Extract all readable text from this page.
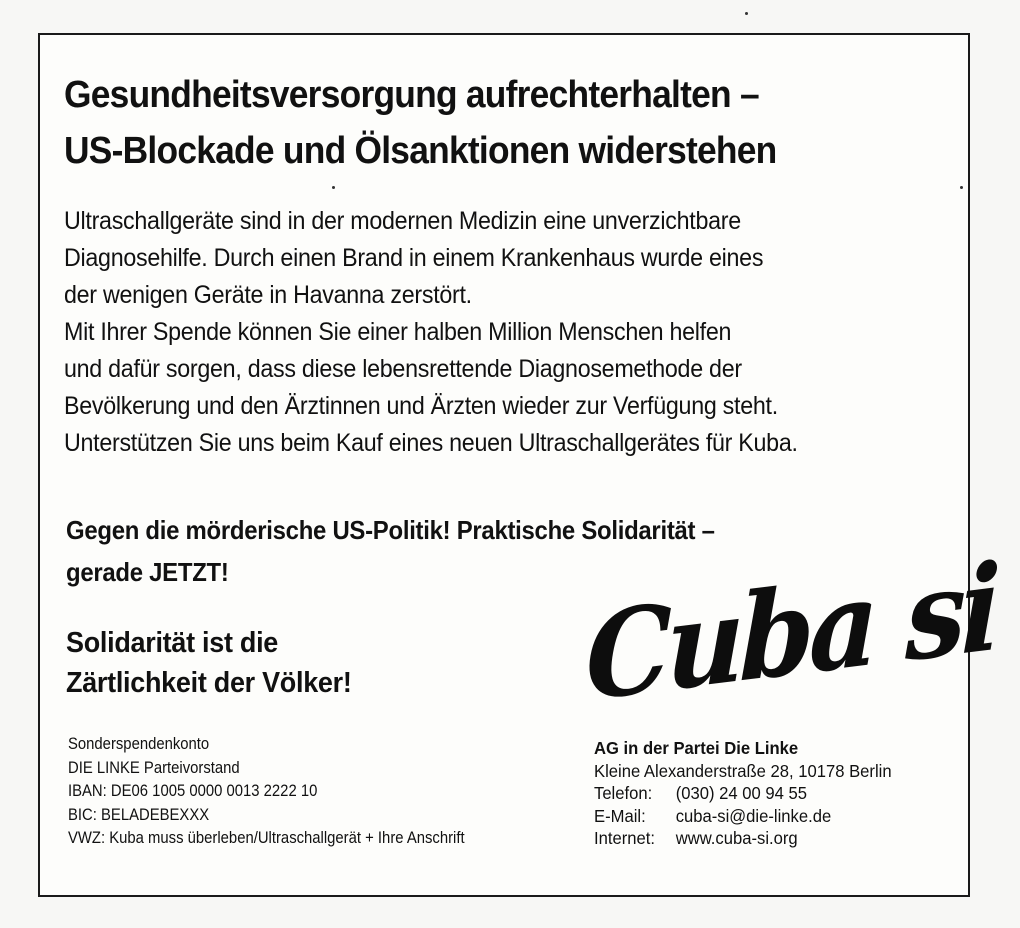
Gesundheitsversorgung aufrechterhalten –
US-Blockade und Ölsanktionen widerstehen
Ultraschallgeräte sind in der modernen Medizin eine unverzichtbare
Diagnosehilfe. Durch einen Brand in einem Krankenhaus wurde eines
der wenigen Geräte in Havanna zerstört.
Mit Ihrer Spende können Sie einer halben Million Menschen helfen
und dafür sorgen, dass diese lebensrettende Diagnosemethode der
Bevölkerung und den Ärztinnen und Ärzten wieder zur Verfügung steht.
Unterstützen Sie uns beim Kauf eines neuen Ultraschallgerätes für Kuba.
Gegen die mörderische US-Politik! Praktische Solidarität –
gerade JETZT!
Solidarität ist die
Zärtlichkeit der Völker!
Sonderspendenkonto
DIE LINKE Parteivorstand
IBAN: DE06 1005 0000 0013 2222 10
BIC: BELADEBEXXX
VWZ: Kuba muss überleben/Ultraschallgerät + Ihre Anschrift
Cuba si
AG in der Partei Die Linke
Kleine Alexanderstraße 28, 10178 Berlin
Telefon: (030) 24 00 94 55
E-Mail: cuba-si@die-linke.de
Internet: www.cuba-si.org
